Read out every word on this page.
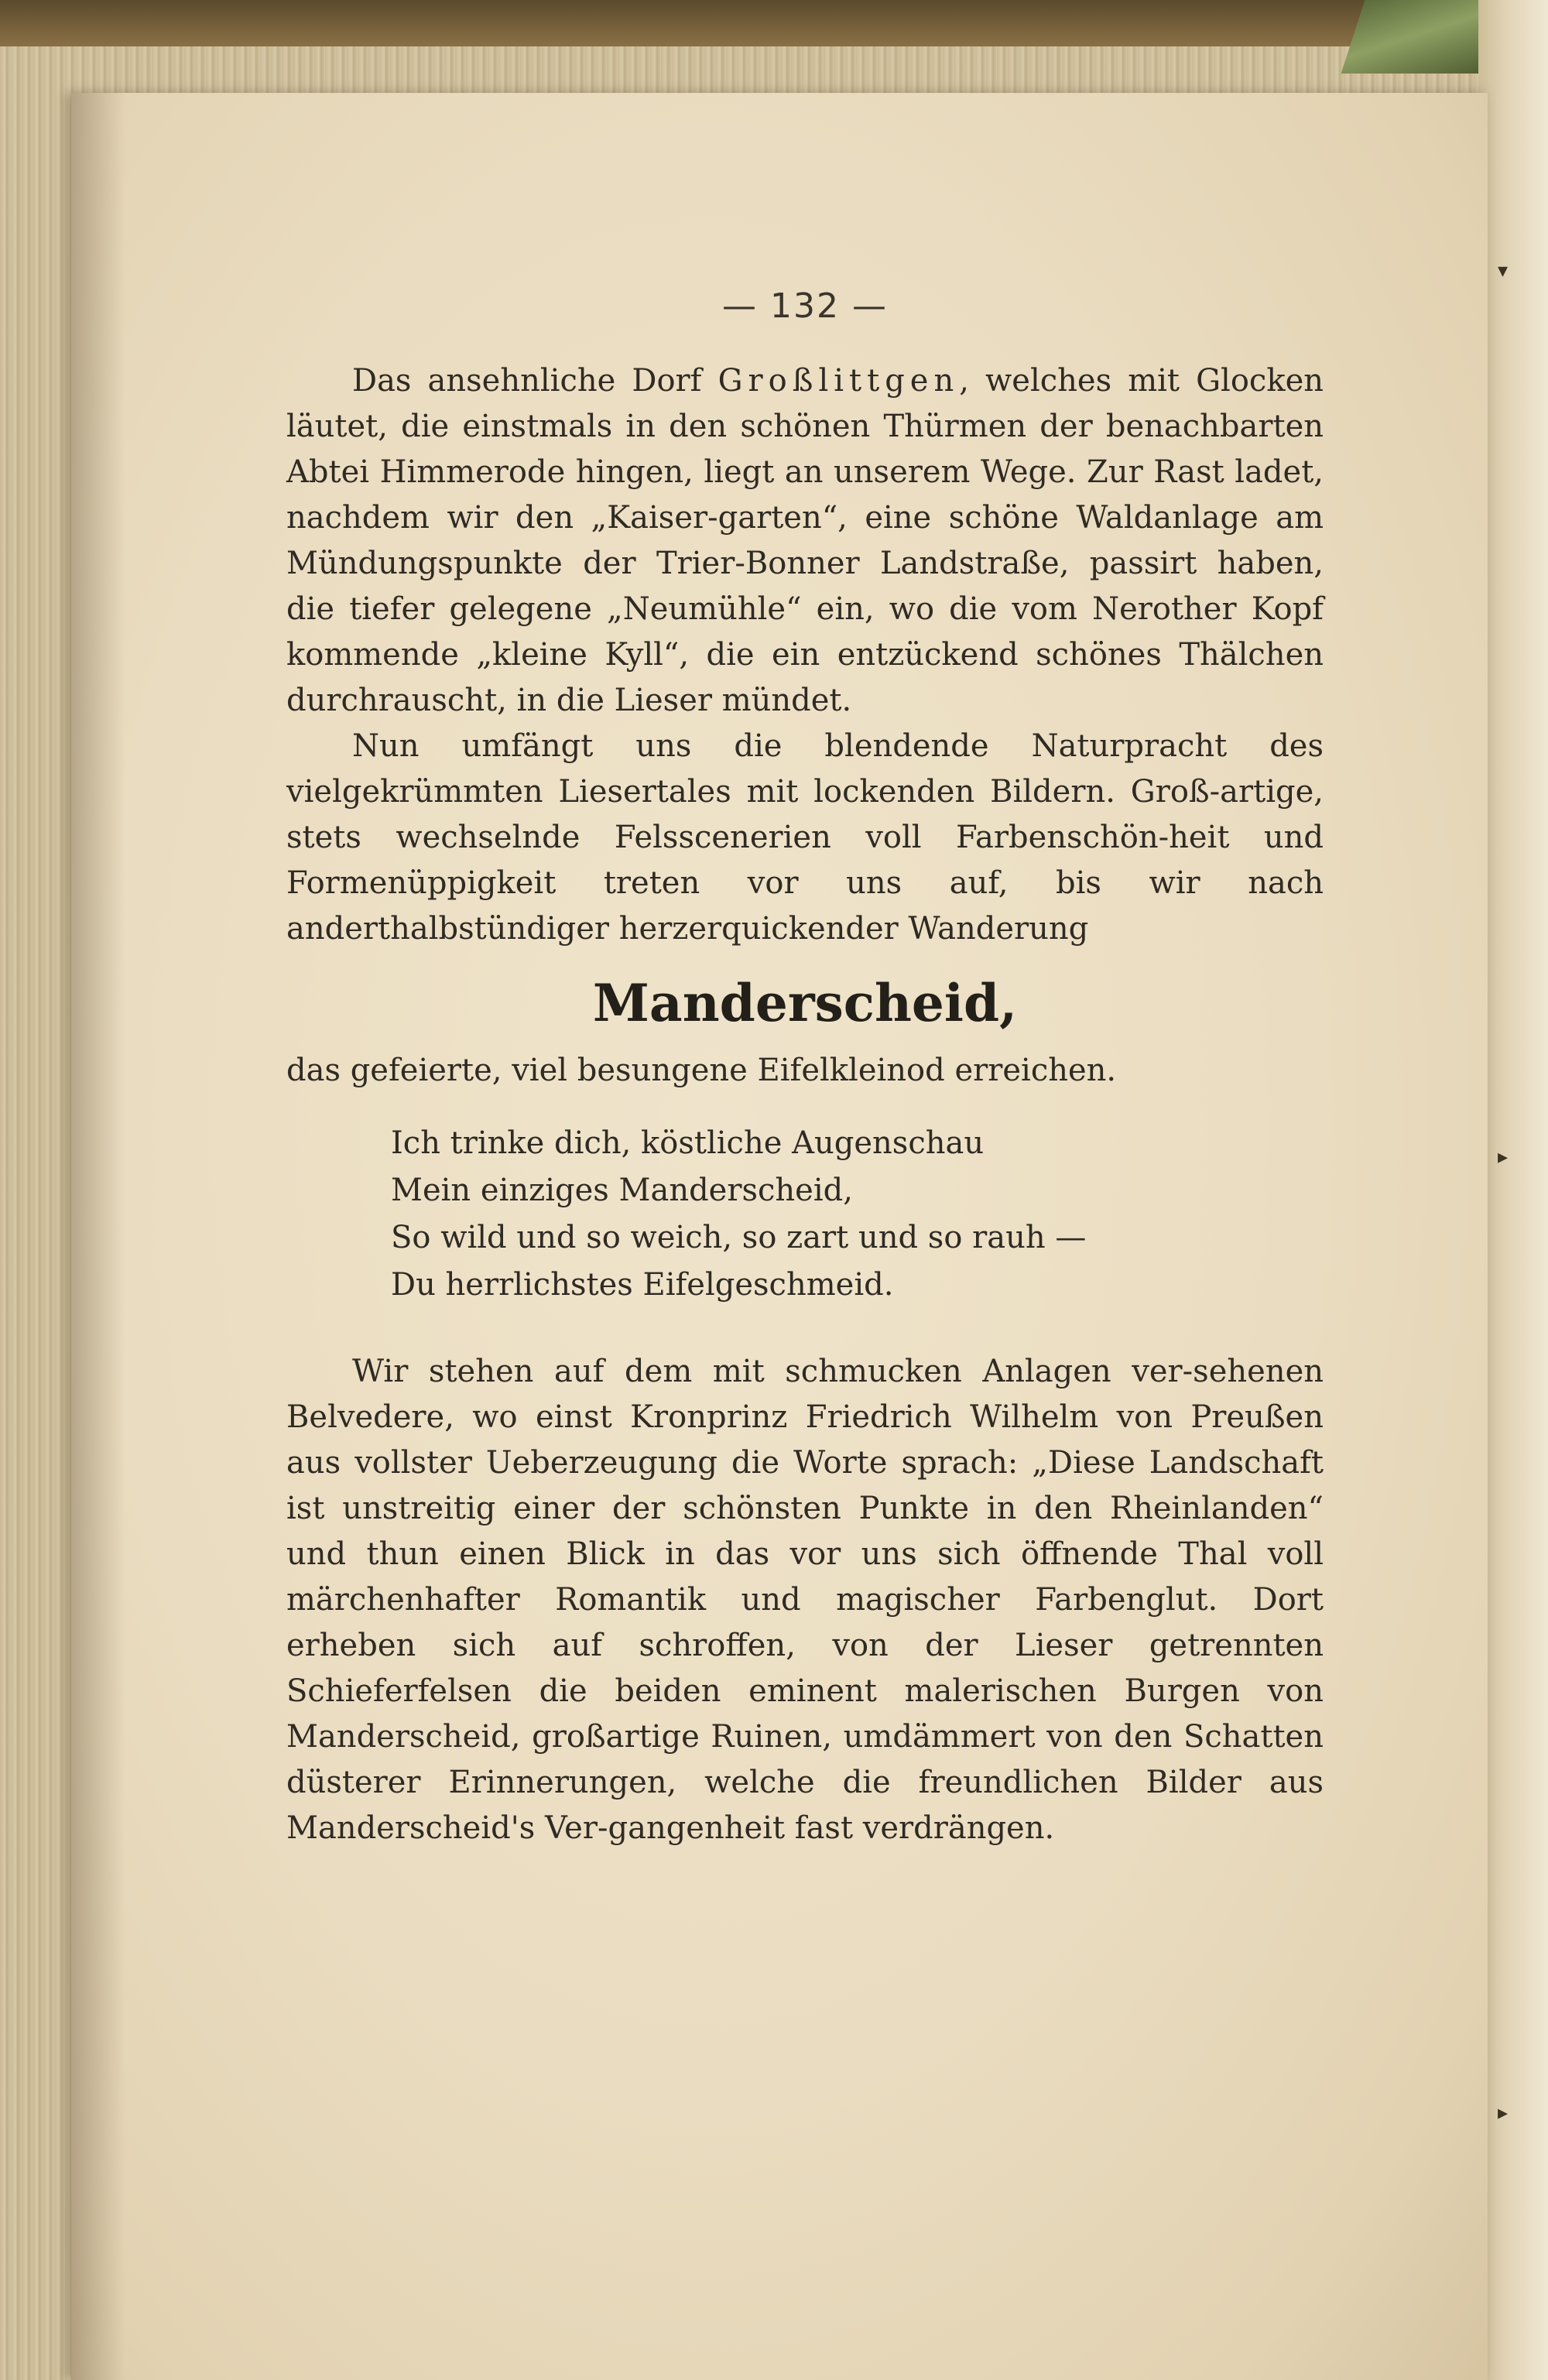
▾
▸
▸
— 132 —

Das ansehnliche Dorf Großlittgen, welches mit Glocken läutet, die einstmals in den schönen Thürmen der benachbarten Abtei Himmerode hingen, liegt an unserem Wege. Zur Rast ladet, nachdem wir den „Kaiser-garten“, eine schöne Waldanlage am Mündungspunkte der Trier-Bonner Landstraße, passirt haben, die tiefer gelegene „Neumühle“ ein, wo die vom Nerother Kopf kommende „kleine Kyll“, die ein entzückend schönes Thälchen durchrauscht, in die Lieser mündet.

Nun umfängt uns die blendende Naturpracht des vielgekrümmten Liesertales mit lockenden Bildern. Groß-artige, stets wechselnde Felsscenerien voll Farbenschön-heit und Formenüppigkeit treten vor uns auf, bis wir nach anderthalbstündiger herzerquickender Wanderung

Manderscheid,

das gefeierte, viel besungene Eifelkleinod erreichen.

Ich trinke dich, köstliche Augenschau
Mein einziges Manderscheid,
So wild und so weich, so zart und so rauh —
Du herrlichstes Eifelgeschmeid.

Wir stehen auf dem mit schmucken Anlagen ver-sehenen Belvedere, wo einst Kronprinz Friedrich Wilhelm von Preußen aus vollster Ueberzeugung die Worte sprach: „Diese Landschaft ist unstreitig einer der schönsten Punkte in den Rheinlanden“ und thun einen Blick in das vor uns sich öffnende Thal voll märchenhafter Romantik und magischer Farbenglut. Dort erheben sich auf schroffen, von der Lieser getrennten Schieferfelsen die beiden eminent malerischen Burgen von Manderscheid, großartige Ruinen, umdämmert von den Schatten düsterer Erinnerungen, welche die freundlichen Bilder aus Manderscheid's Ver-gangenheit fast verdrängen.
